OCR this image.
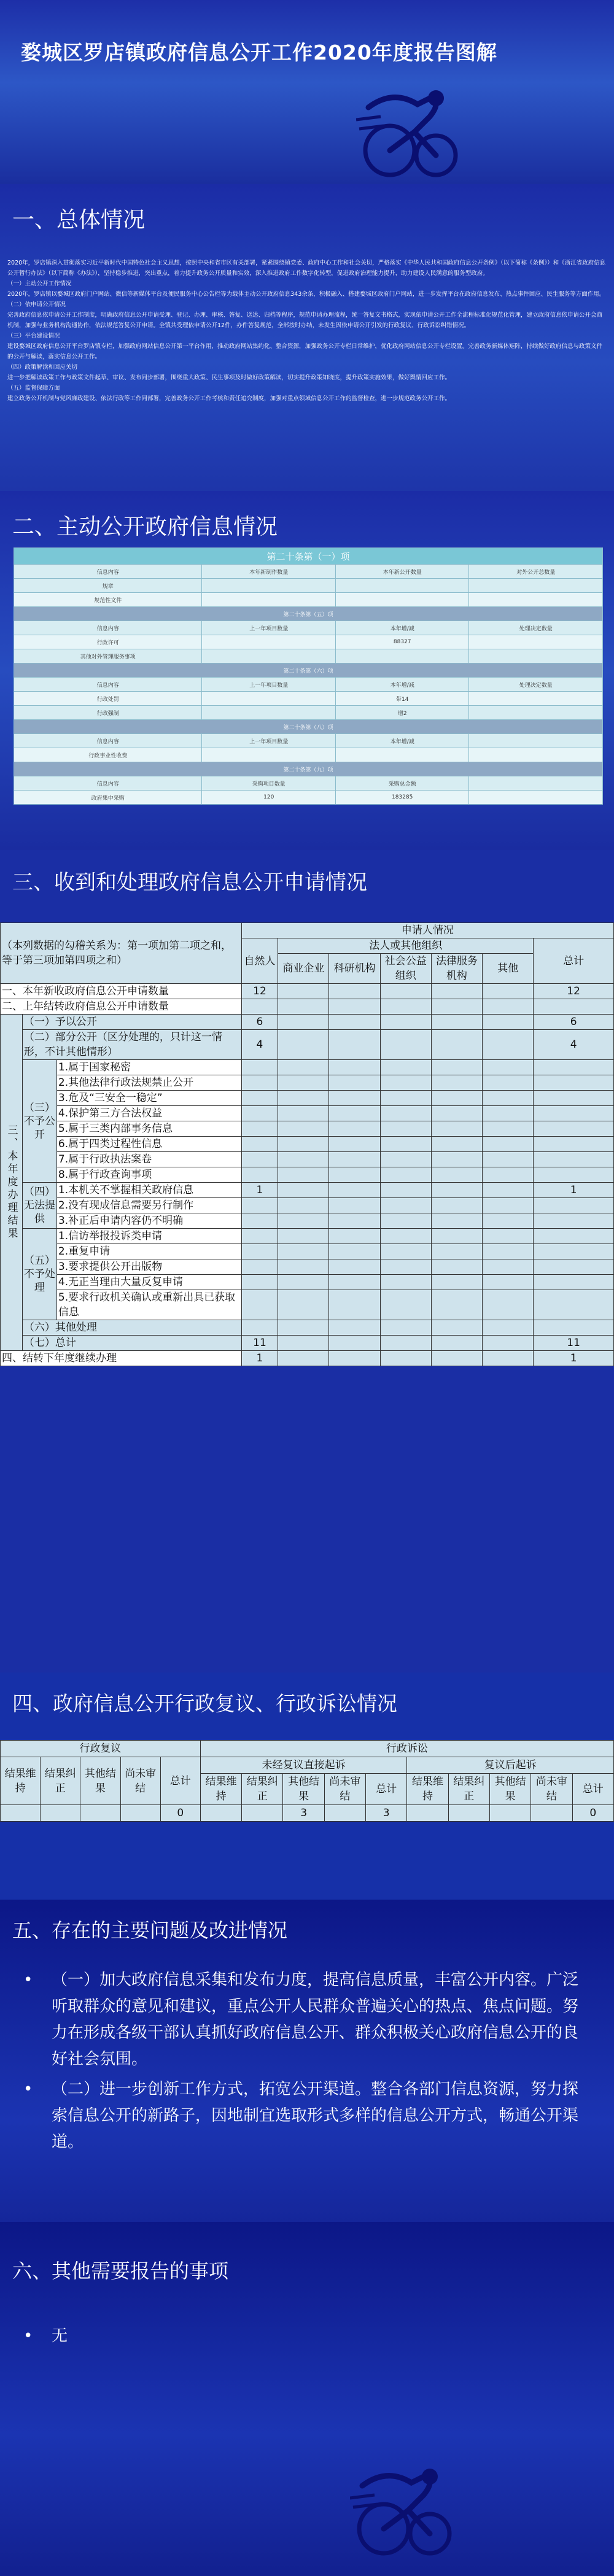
婺城区罗店镇政府信息公开工作2020年度报告图解
一、总体情况

2020年，罗店镇深入贯彻落实习近平新时代中国特色社会主义思想，按照中央和省市区有关部署，紧紧围绕镇党委、政府中心工作和社会关切，严格落实《中华人民共和国政府信息公开条例》（以下简称《条例》）和《浙江省政府信息公开暂行办法》（以下简称《办法》），坚持稳步推进，突出重点，着力提升政务公开质量和实效，深入推进政府工作数字化转型，促进政府治理能力提升，助力建设人民满意的服务型政府。

（一）主动公开工作情况

2020年，罗店镇以婺城区政府门户网站、微信等新媒体平台及便民服务中心公告栏等为载体主动公开政府信息343余条，积极融入、搭建婺城区政府门户网站，进一步发挥平台在政府信息发布、热点事件回应、民生服务等方面作用。

（二）依申请公开情况

完善政府信息依申请公开工作制度，明确政府信息公开申请受理、登记、办理、审核、答复、送达、归档等程序，规范申请办理流程，统一答复文书格式，实现依申请公开工作全流程标准化规范化管理，建立政府信息依申请公开会商机制，加强与业务机构沟通协作，依法规范答复公开申请。全镇共受理依申请公开12件，办件答复规范，全部按时办结，未发生因依申请公开引发的行政复议、行政诉讼纠错情况。

（三）平台建设情况

建设婺城区政府信息公开平台罗店镇专栏，加强政府网站信息公开第一平台作用，推动政府网站集约化、整合资源，加强政务公开专栏日常维护，优化政府网站信息公开专栏设置。完善政务新媒体矩阵，持续做好政府信息与政策文件的公开与解读，落实信息公开工作。

（四）政策解读和回应关切

进一步把解读政策工作与政策文件起草、审议、发布同步部署，围绕重大政策、民生事项及时做好政策解读，切实提升政策知晓度，提升政策实施效果，做好舆情回应工作。

（五）监督保障方面

建立政务公开机制与党风廉政建设、依法行政等工作同部署，完善政务公开工作考核和责任追究制度，加强对重点领域信息公开工作的监督检查，进一步规范政务公开工作。

二、主动公开政府信息情况
第二十条第（一）项			
信息内容	本年新制作数量	本年新公开数量	对外公开总数量
规章			
规范性文件			
第二十条第（五）项			
信息内容	上一年项目数量	本年增/减	处理决定数量
行政许可		88327	
其他对外管理服务事项			
第二十条第（六）项			
信息内容	上一年项目数量	本年增/减	处理决定数量
行政处罚		带14	
行政强制		增2	
第二十条第（八）项			
信息内容	上一年项目数量	本年增/减	
行政事业性收费			
第二十条第（九）项			
信息内容	采购项目数量	采购总金额	
政府集中采购	120	183285	
三、收到和处理政府信息公开申请情况
（本列数据的勾稽关系为：第一项加第二项之和，等于第三项加第四项之和）			申请人情况						
			自然人	法人或其他组织					总计
				商业企业	科研机构	社会公益组织	法律服务机构	其他	
一、本年新收政府信息公开申请数量			12						12
二、上年结转政府信息公开申请数量									
三、本年度办理结果	（一）予以公开		6						6
	（二）部分公开（区分处理的，只计这一情形，不计其他情形）		4						4
	（三）不予公开	1.属于国家秘密							
		2.其他法律行政法规禁止公开							
		3.危及“三安全一稳定”							
		4.保护第三方合法权益							
		5.属于三类内部事务信息							
		6.属于四类过程性信息							
		7.属于行政执法案卷							
		8.属于行政查询事项							
	（四）无法提供	1.本机关不掌握相关政府信息	1						1
		2.没有现成信息需要另行制作							
		3.补正后申请内容仍不明确							
	（五）不予处理	1.信访举报投诉类申请							
		2.重复申请							
		3.要求提供公开出版物							
		4.无正当理由大量反复申请							
		5.要求行政机关确认或重新出具已获取信息							
	（六）其他处理								
	（七）总计		11						11
四、结转下年度继续办理			1						1
四、政府信息公开行政复议、行政诉讼情况
行政复议					行政诉讼									
结果维持	结果纠正	其他结果	尚未审结	总计	未经复议直接起诉					复议后起诉				
					结果维持	结果纠正	其他结果	尚未审结	总计	结果维持	结果纠正	其他结果	尚未审结	总计
				0			3		3					0
五、存在的主要问题及改进情况
• （一）加大政府信息采集和发布力度，提高信息质量，丰富公开内容。广泛听取群众的意见和建议，重点公开人民群众普遍关心的热点、焦点问题。努力在形成各级干部认真抓好政府信息公开、群众积极关心政府信息公开的良好社会氛围。
• （二）进一步创新工作方式，拓宽公开渠道。整合各部门信息资源，努力探索信息公开的新路子，因地制宜选取形式多样的信息公开方式，畅通公开渠道。
六、其他需要报告的事项
• 无
